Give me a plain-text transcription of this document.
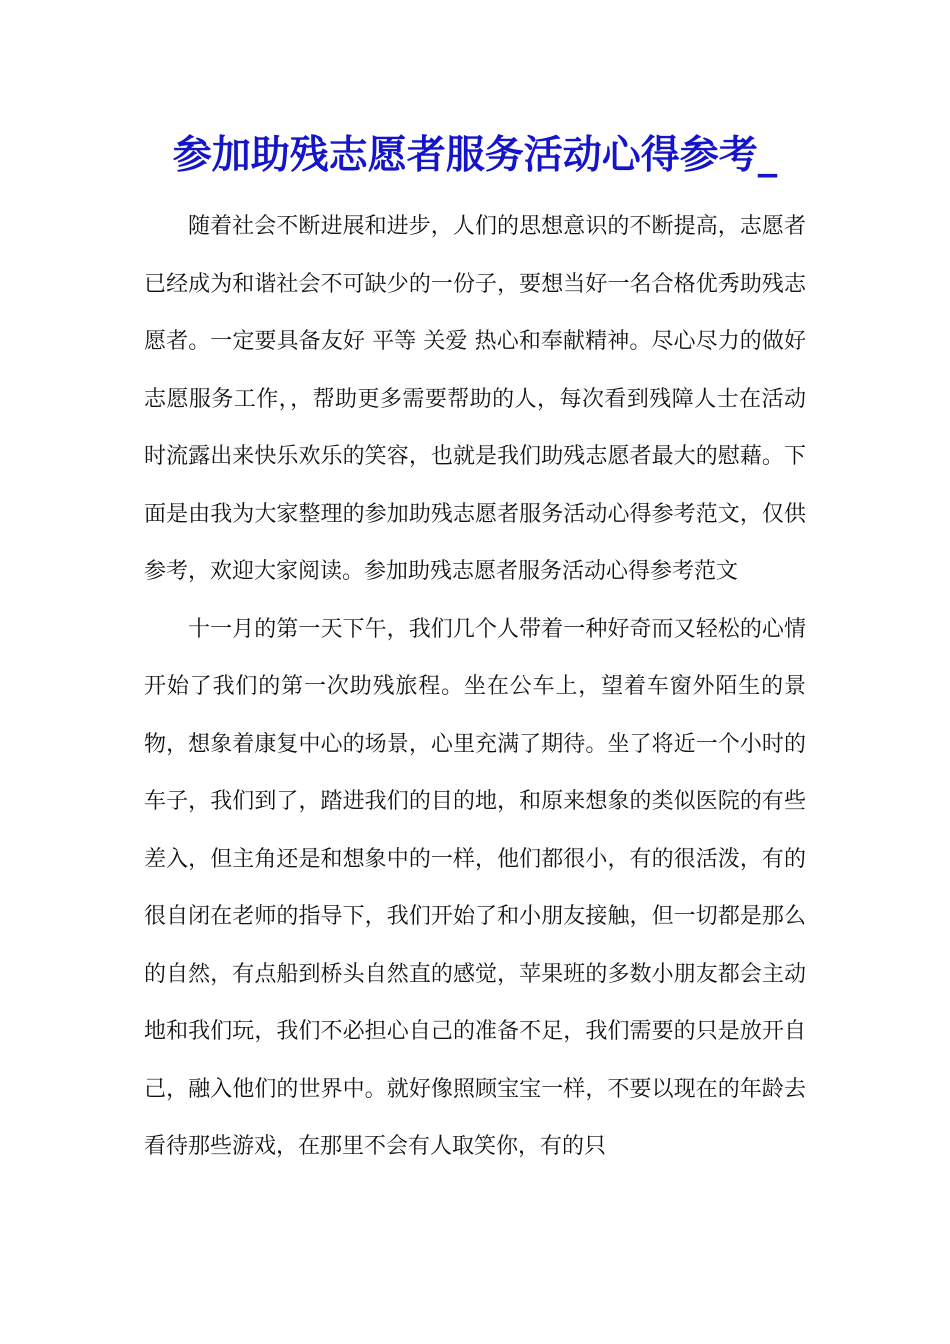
参加助残志愿者服务活动心得参考_

随着社会不断进展和进步，人们的思想意识的不断提高，志愿者已经成为和谐社会不可缺少的一份子，要想当好一名合格优秀助残志愿者。一定要具备友好 平等 关爱 热心和奉献精神。尽心尽力的做好志愿服务工作，，帮助更多需要帮助的人，每次看到残障人士在活动时流露出来快乐欢乐的笑容，也就是我们助残志愿者最大的慰藉。下面是由我为大家整理的参加助残志愿者服务活动心得参考范文，仅供参考，欢迎大家阅读。参加助残志愿者服务活动心得参考范文

十一月的第一天下午，我们几个人带着一种好奇而又轻松的心情开始了我们的第一次助残旅程。坐在公车上，望着车窗外陌生的景物，想象着康复中心的场景，心里充满了期待。坐了将近一个小时的车子，我们到了，踏进我们的目的地，和原来想象的类似医院的有些差入，但主角还是和想象中的一样，他们都很小，有的很活泼，有的很自闭在老师的指导下，我们开始了和小朋友接触，但一切都是那么的自然，有点船到桥头自然直的感觉，苹果班的多数小朋友都会主动地和我们玩，我们不必担心自己的准备不足，我们需要的只是放开自己，融入他们的世界中。就好像照顾宝宝一样，不要以现在的年龄去看待那些游戏，在那里不会有人取笑你，有的只
